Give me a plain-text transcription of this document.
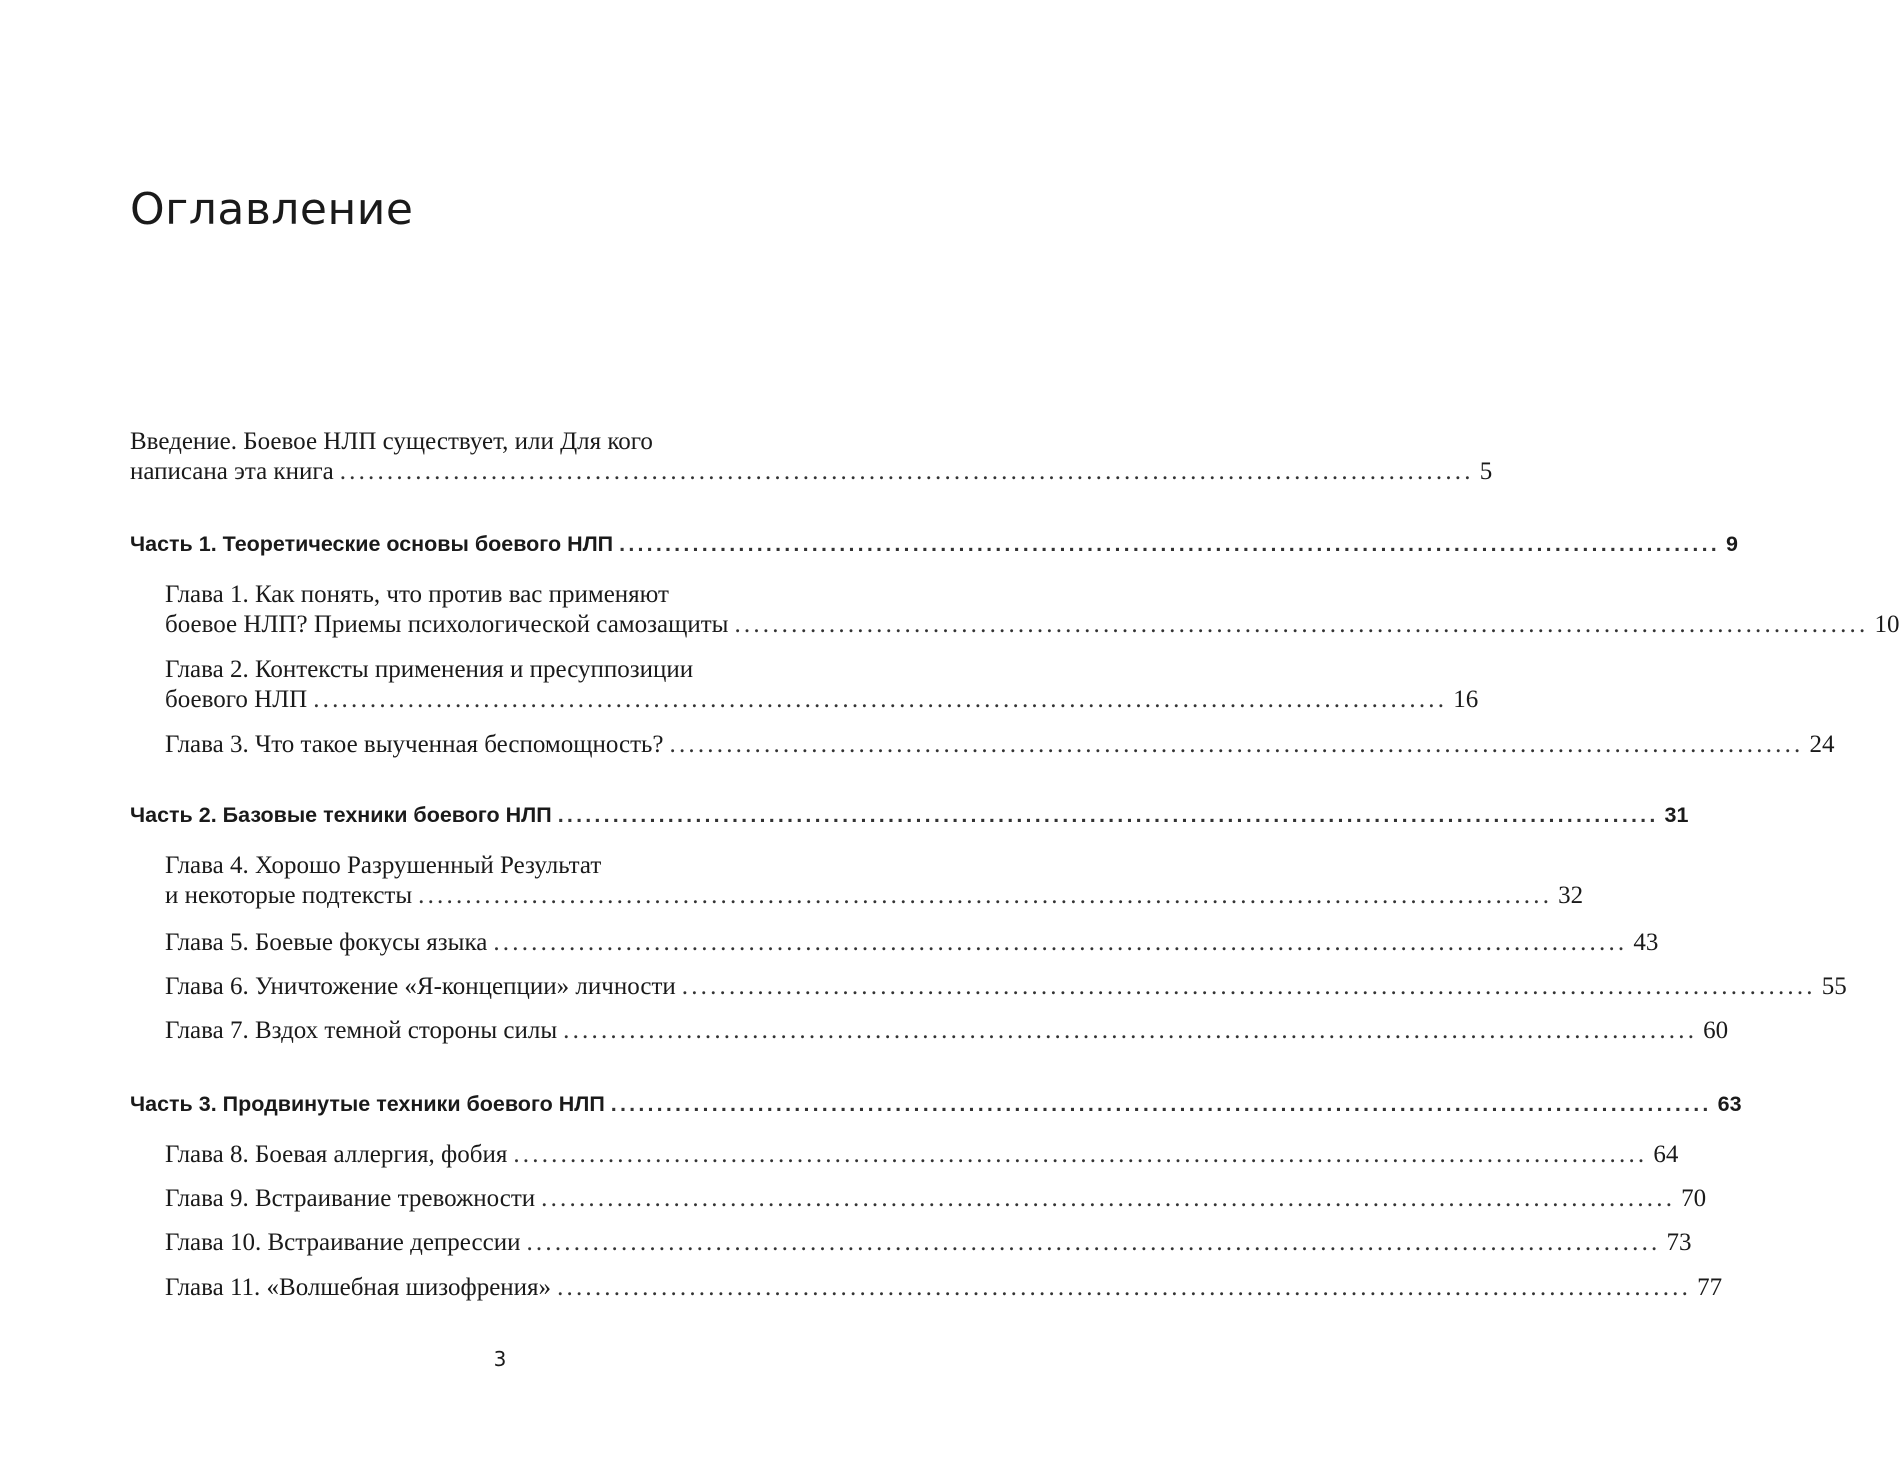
Оглавление
Введение. Боевое НЛП существует, или Для кого
написана эта книга ........................................................................................................................ 5
Часть 1. Теоретические основы боевого НЛП ........................................................................................................................ 9
Глава 1. Как понять, что против вас применяют
боевое НЛП? Приемы психологической самозащиты ........................................................................................................................ 10
Глава 2. Контексты применения и пресуппозиции
боевого НЛП ........................................................................................................................ 16
Глава 3. Что такое выученная беспомощность? ........................................................................................................................ 24
Часть 2. Базовые техники боевого НЛП ........................................................................................................................ 31
Глава 4. Хорошо Разрушенный Результат
и некоторые подтексты ........................................................................................................................ 32
Глава 5. Боевые фокусы языка ........................................................................................................................ 43
Глава 6. Уничтожение «Я-концепции» личности ........................................................................................................................ 55
Глава 7. Вздох темной стороны силы ........................................................................................................................ 60
Часть 3. Продвинутые техники боевого НЛП ........................................................................................................................ 63
Глава 8. Боевая аллергия, фобия ........................................................................................................................ 64
Глава 9. Встраивание тревожности ........................................................................................................................ 70
Глава 10. Встраивание депрессии ........................................................................................................................ 73
Глава 11. «Волшебная шизофрения» ........................................................................................................................ 77
3
